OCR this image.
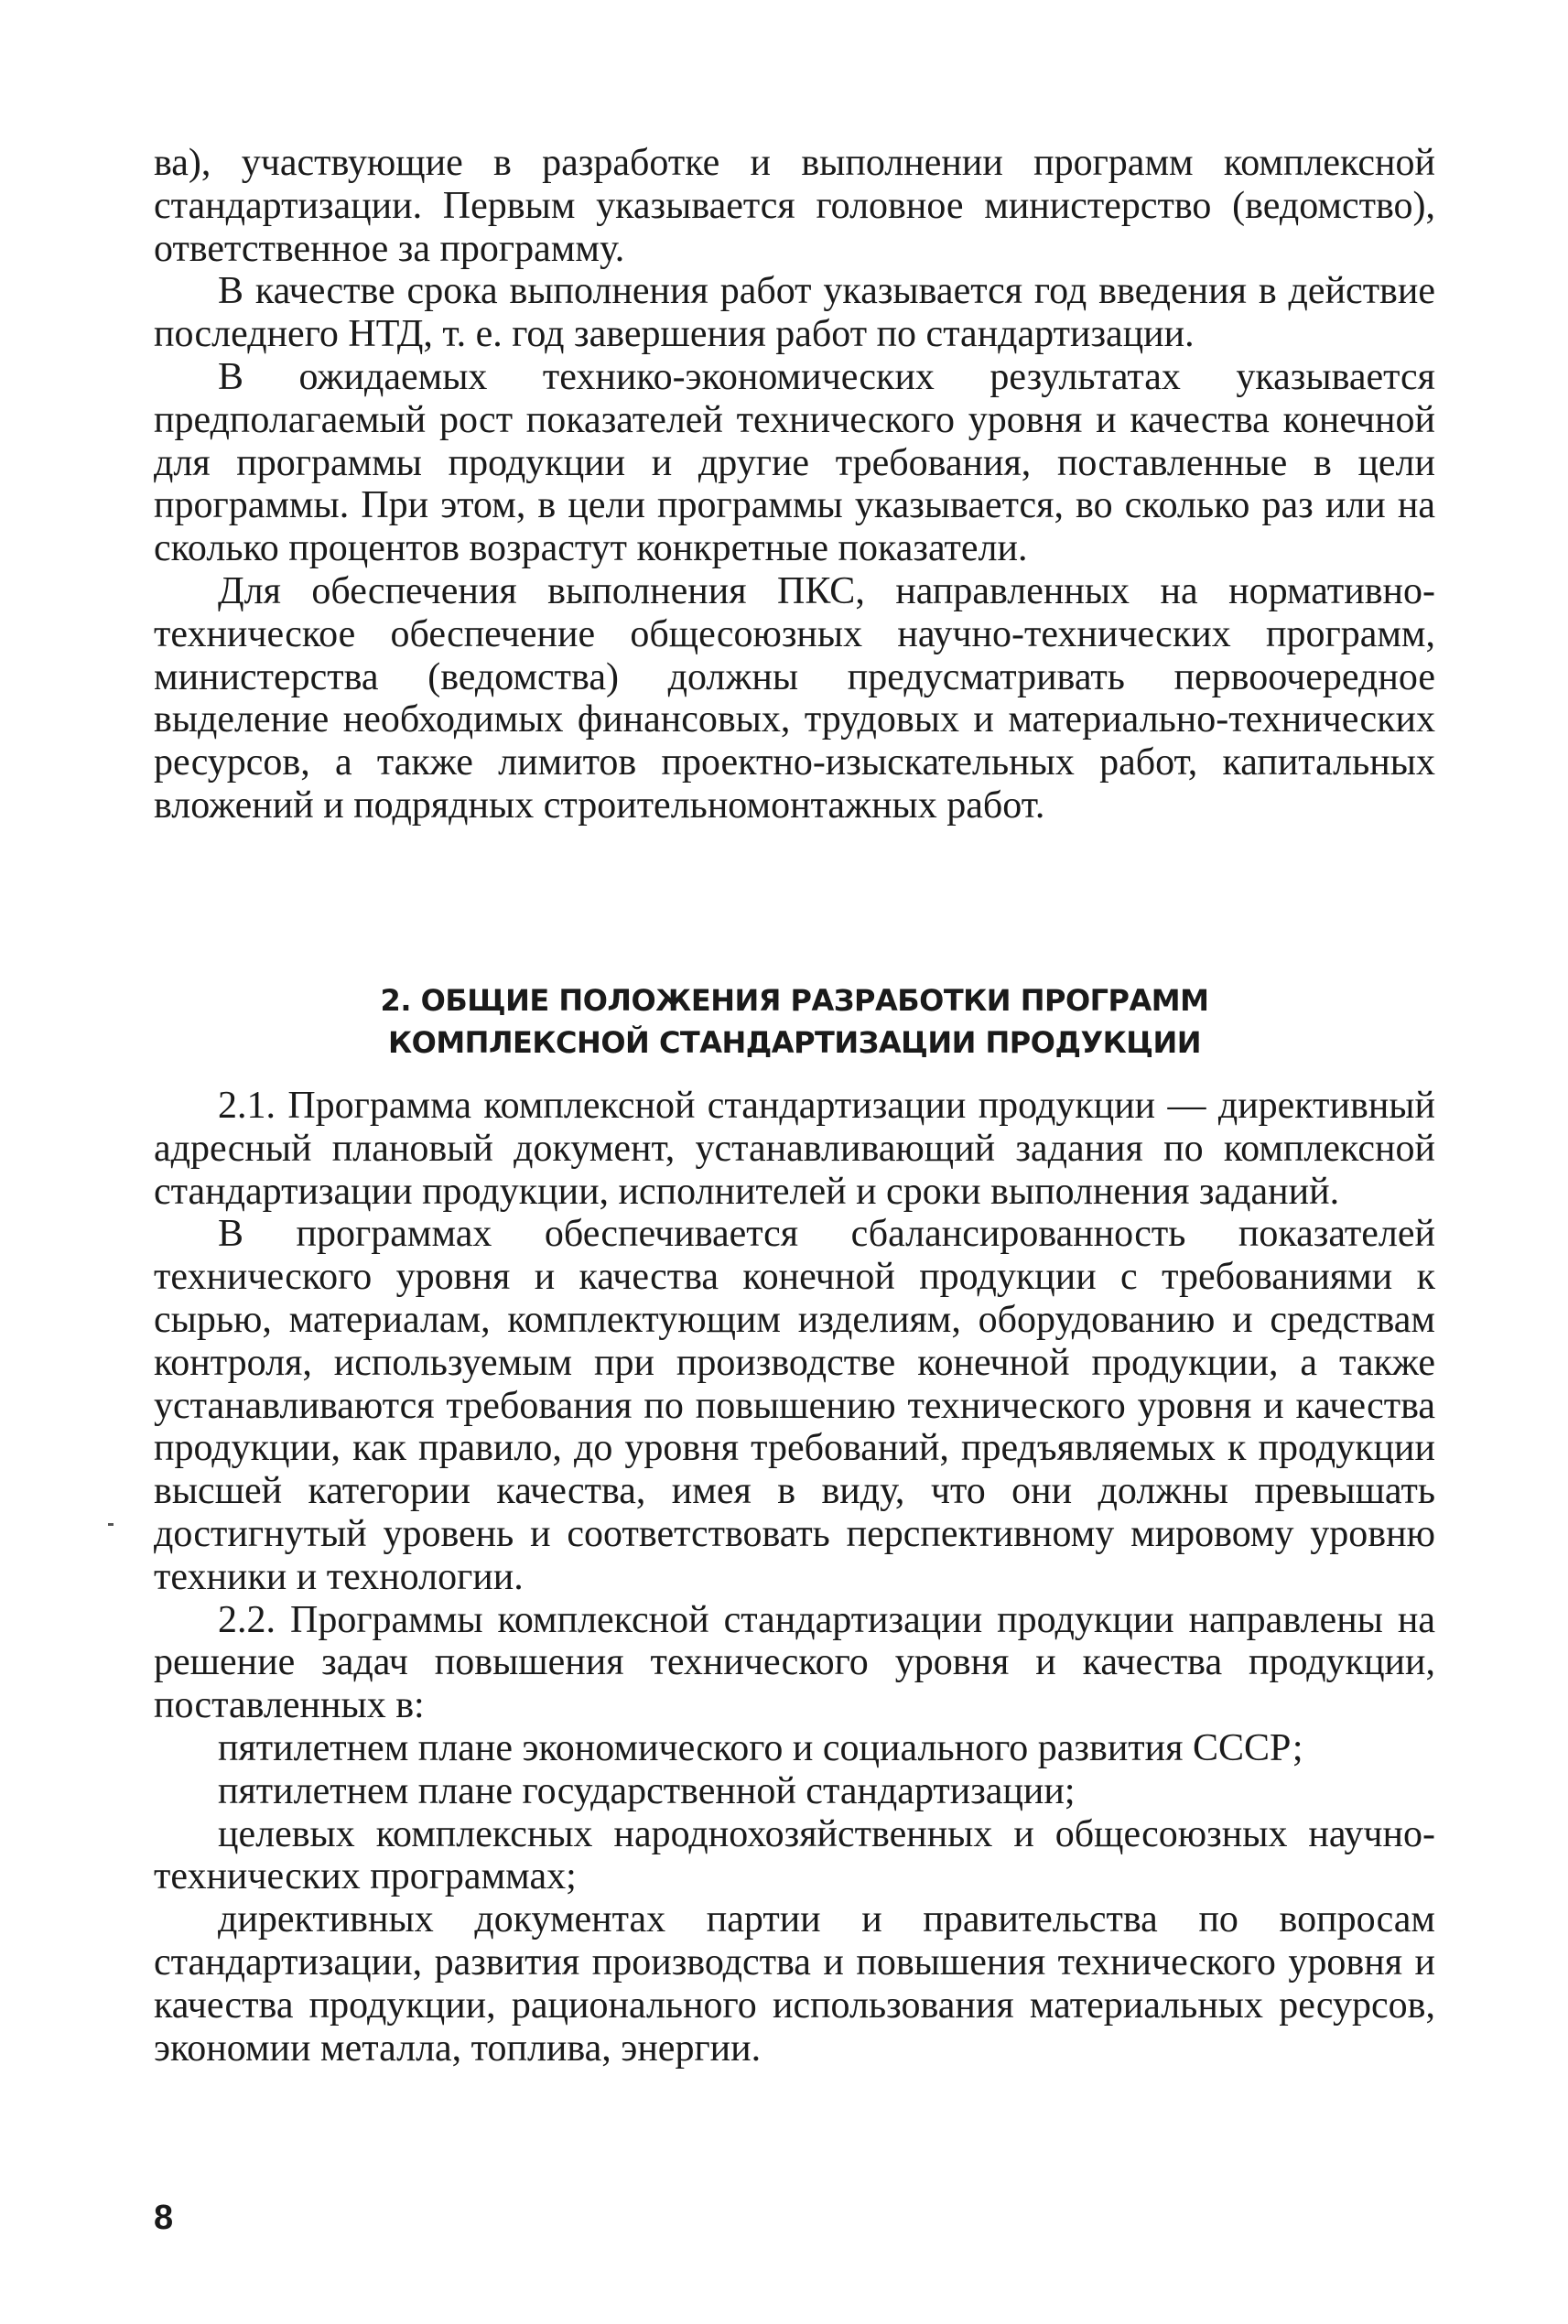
ва), участвующие в разработке и выполнении программ комплексной стандартизации. Первым указывается головное министерство (ведомство), ответственное за программу.

В качестве срока выполнения работ указывается год введения в действие последнего НТД, т. е. год завершения работ по стандартизации.

В ожидаемых технико-экономических результатах указывается предполагаемый рост показателей технического уровня и качества конечной для программы продукции и другие требования, поставленные в цели программы. При этом, в цели программы указывается, во сколько раз или на сколько процентов возрастут конкретные показатели.

Для обеспечения выполнения ПКС, направленных на нормативно-техническое обеспечение общесоюзных научно-технических программ, министерства (ведомства) должны предусматривать первоочередное выделение необходимых финансовых, трудовых и материально-технических ресурсов, а также лимитов проектно-изыскательных работ, капитальных вложений и подрядных строительномонтажных работ.

2. ОБЩИЕ ПОЛОЖЕНИЯ РАЗРАБОТКИ ПРОГРАММ
КОМПЛЕКСНОЙ СТАНДАРТИЗАЦИИ ПРОДУКЦИИ

2.1. Программа комплексной стандартизации продукции — директивный адресный плановый документ, устанавливающий задания по комплексной стандартизации продукции, исполнителей и сроки выполнения заданий.

В программах обеспечивается сбалансированность показателей технического уровня и качества конечной продукции с требованиями к сырью, материалам, комплектующим изделиям, оборудованию и средствам контроля, используемым при производстве конечной продукции, а также устанавливаются требования по повышению технического уровня и качества продукции, как правило, до уровня требований, предъявляемых к продукции высшей категории качества, имея в виду, что они должны превышать достигнутый уровень и соответствовать перспективному мировому уровню техники и технологии.

2.2. Программы комплексной стандартизации продукции направлены на решение задач повышения технического уровня и качества продукции, поставленных в:

пятилетнем плане экономического и социального развития СССР;

пятилетнем плане государственной стандартизации;

целевых комплексных народнохозяйственных и общесоюзных научно-технических программах;

директивных документах партии и правительства по вопросам стандартизации, развития производства и повышения технического уровня и качества продукции, рационального использования материальных ресурсов, экономии металла, топлива, энергии.

8
